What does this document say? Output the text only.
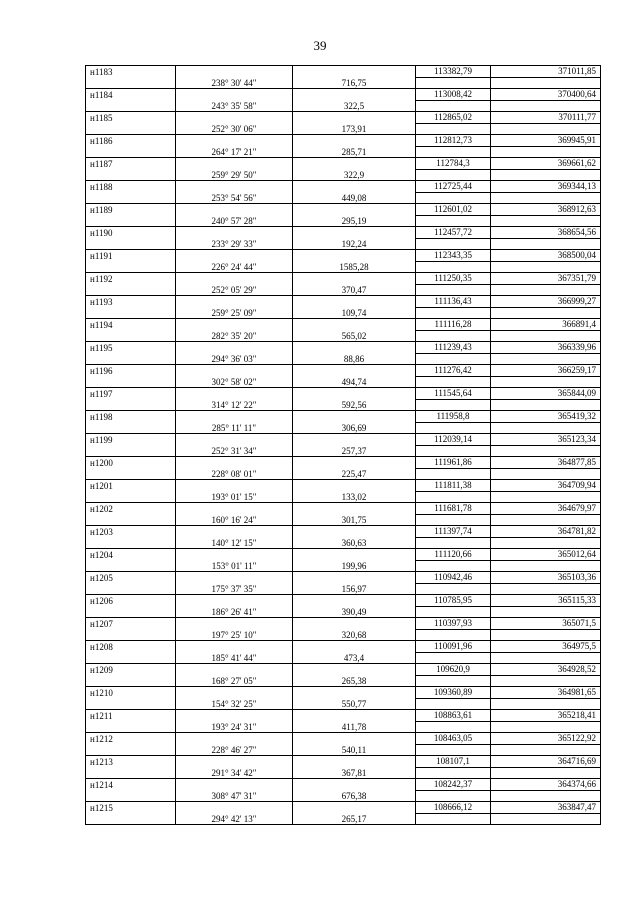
39
н1183			113382,79	371011,85
	238° 30' 44"	716,75		
н1184			113008,42	370400,64
	243° 35' 58"	322,5		
н1185			112865,02	370111,77
	252° 30' 06"	173,91		
н1186			112812,73	369945,91
	264° 17' 21"	285,71		
н1187			112784,3	369661,62
	259° 29' 50"	322,9		
н1188			112725,44	369344,13
	253° 54' 56"	449,08		
н1189			112601,02	368912,63
	240° 57' 28"	295,19		
н1190			112457,72	368654,56
	233° 29' 33"	192,24		
н1191			112343,35	368500,04
	226° 24' 44"	1585,28		
н1192			111250,35	367351,79
	252° 05' 29"	370,47		
н1193			111136,43	366999,27
	259° 25' 09"	109,74		
н1194			111116,28	366891,4
	282° 35' 20"	565,02		
н1195			111239,43	366339,96
	294° 36' 03"	88,86		
н1196			111276,42	366259,17
	302° 58' 02"	494,74		
н1197			111545,64	365844,09
	314° 12' 22"	592,56		
н1198			111958,8	365419,32
	285° 11' 11"	306,69		
н1199			112039,14	365123,34
	252° 31' 34"	257,37		
н1200			111961,86	364877,85
	228° 08' 01"	225,47		
н1201			111811,38	364709,94
	193° 01' 15"	133,02		
н1202			111681,78	364679,97
	160° 16' 24"	301,75		
н1203			111397,74	364781,82
	140° 12' 15"	360,63		
н1204			111120,66	365012,64
	153° 01' 11"	199,96		
н1205			110942,46	365103,36
	175° 37' 35"	156,97		
н1206			110785,95	365115,33
	186° 26' 41"	390,49		
н1207			110397,93	365071,5
	197° 25' 10"	320,68		
н1208			110091,96	364975,5
	185° 41' 44"	473,4		
н1209			109620,9	364928,52
	168° 27' 05"	265,38		
н1210			109360,89	364981,65
	154° 32' 25"	550,77		
н1211			108863,61	365218,41
	193° 24' 31"	411,78		
н1212			108463,05	365122,92
	228° 46' 27"	540,11		
н1213			108107,1	364716,69
	291° 34' 42"	367,81		
н1214			108242,37	364374,66
	308° 47' 31"	676,38		
н1215			108666,12	363847,47
	294° 42' 13"	265,17		
